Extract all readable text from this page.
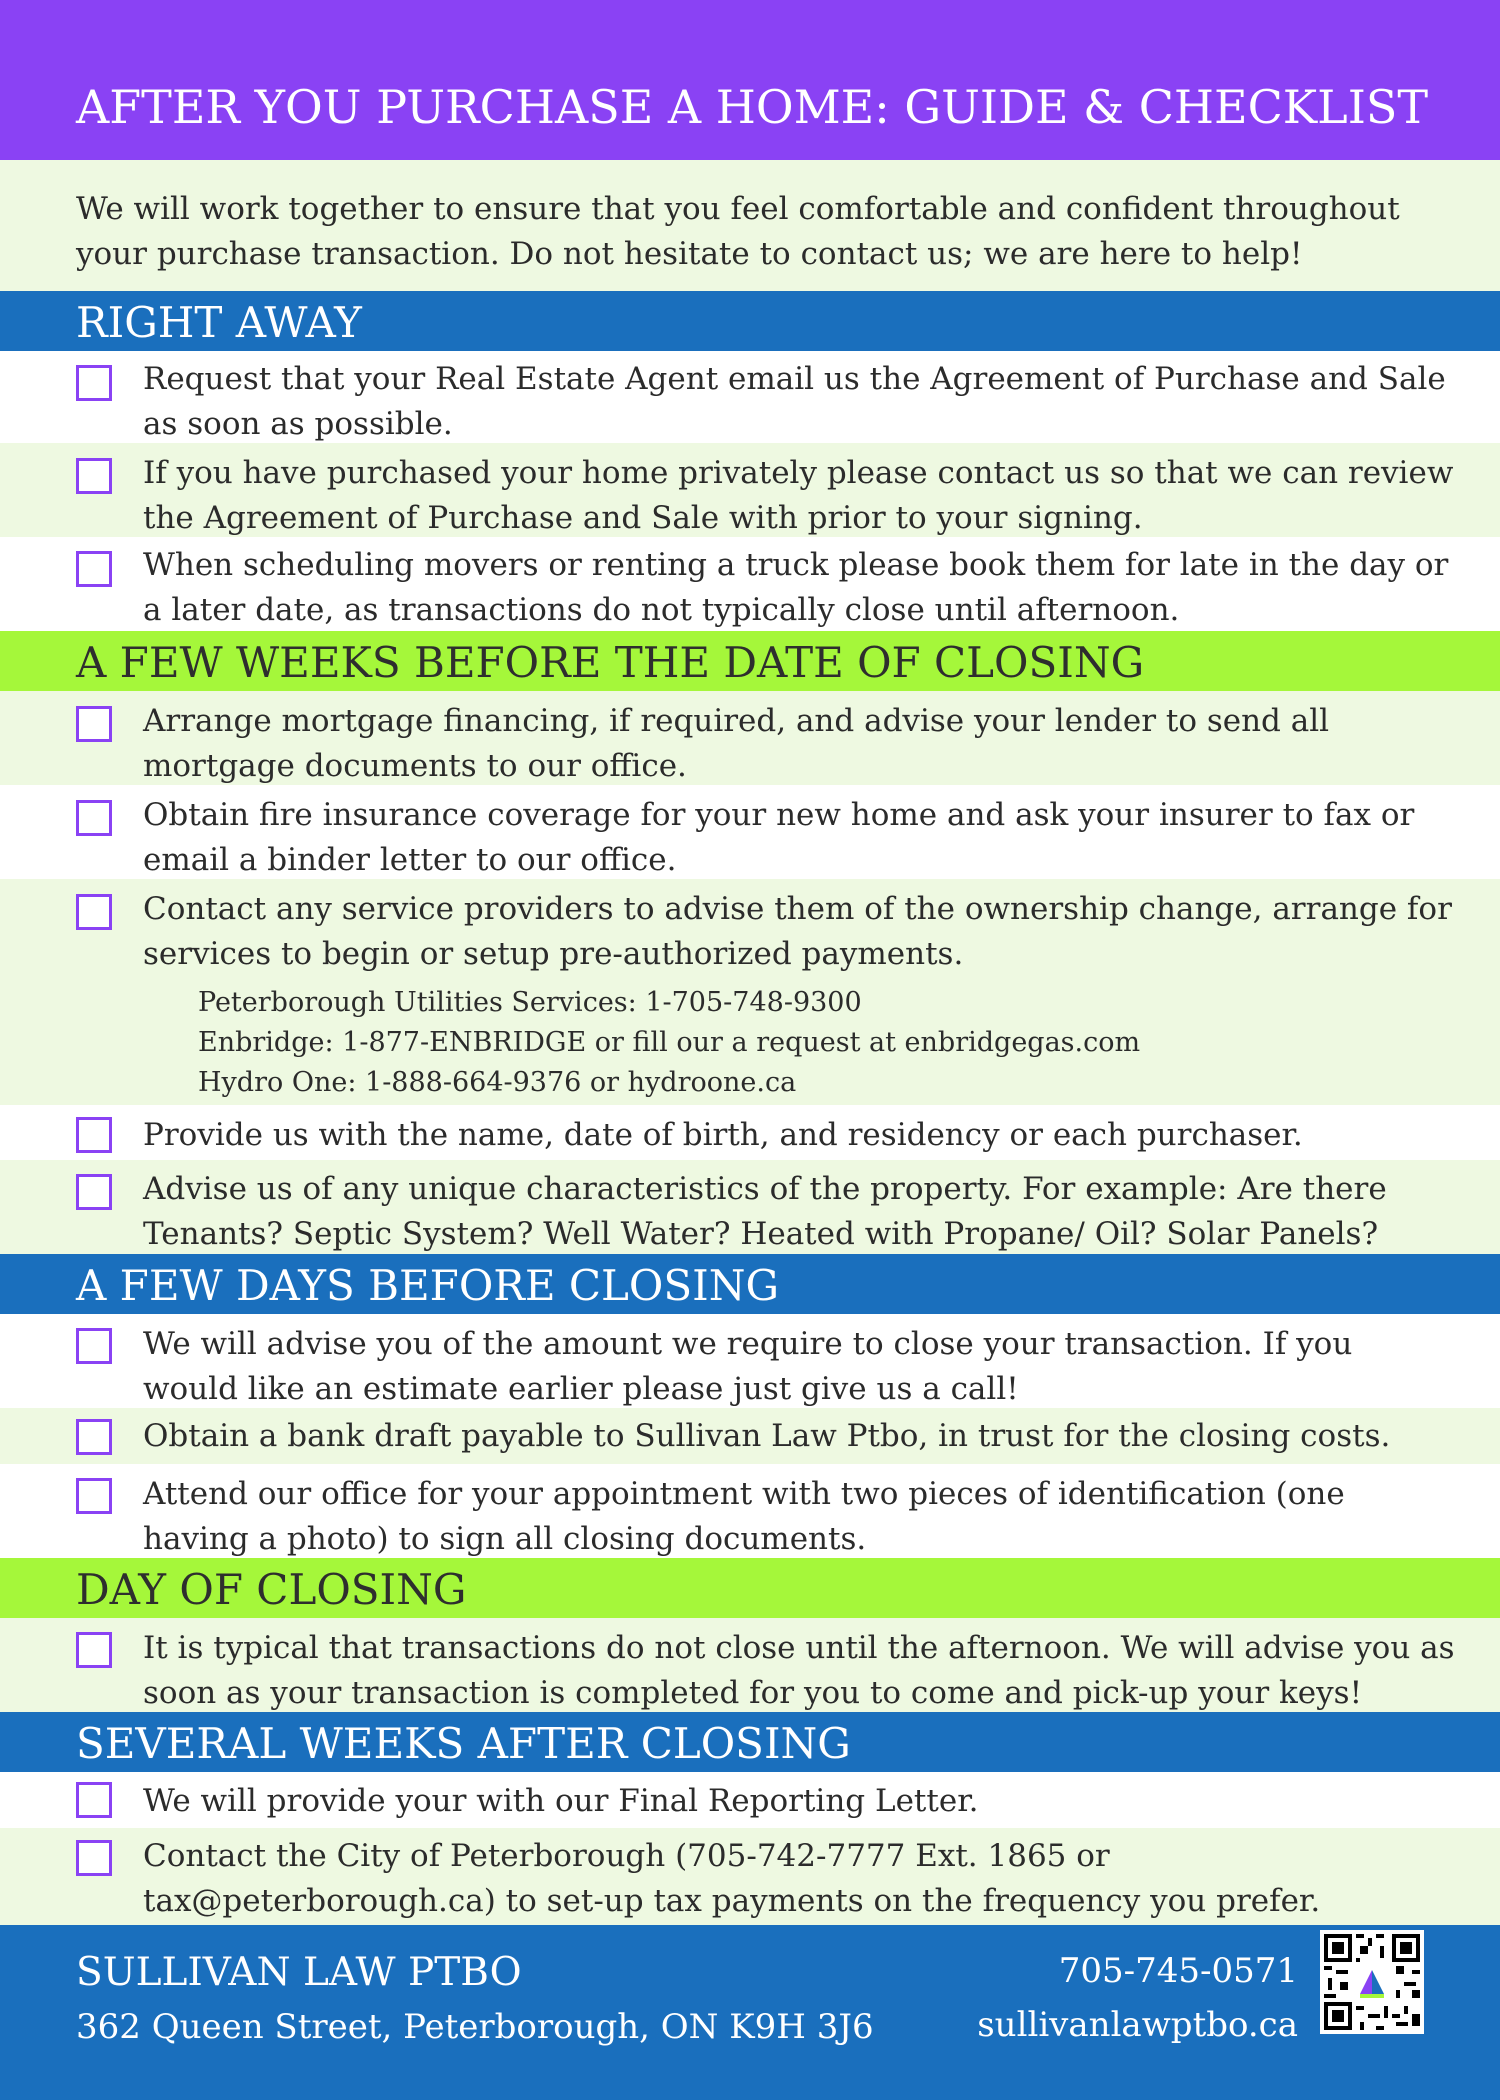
AFTER YOU PURCHASE A HOME: GUIDE & CHECKLIST
We will work together to ensure that you feel comfortable and confident throughout your purchase transaction. Do not hesitate to contact us; we are here to help!
RIGHT AWAY
Request that your Real Estate Agent email us the Agreement of Purchase and Sale as soon as possible.
If you have purchased your home privately please contact us so that we can review the Agreement of Purchase and Sale with prior to your signing.
When scheduling movers or renting a truck please book them for late in the day or a later date, as transactions do not typically close until afternoon.
A FEW WEEKS BEFORE THE DATE OF CLOSING
Arrange mortgage financing, if required, and advise your lender to send all mortgage documents to our office.
Obtain fire insurance coverage for your new home and ask your insurer to fax or email a binder letter to our office.
Contact any service providers to advise them of the ownership change, arrange for services to begin or setup pre-authorized payments.
Peterborough Utilities Services: 1-705-748-9300
Enbridge: 1-877-ENBRIDGE or fill our a request at enbridgegas.com
Hydro One: 1-888-664-9376 or hydroone.ca
Provide us with the name, date of birth, and residency or each purchaser.
Advise us of any unique characteristics of the property. For example: Are there Tenants? Septic System? Well Water? Heated with Propane/ Oil? Solar Panels?
A FEW DAYS BEFORE CLOSING
We will advise you of the amount we require to close your transaction. If you would like an estimate earlier please just give us a call!
Obtain a bank draft payable to Sullivan Law Ptbo, in trust for the closing costs.
Attend our office for your appointment with two pieces of identification (one having a photo) to sign all closing documents.
DAY OF CLOSING
It is typical that transactions do not close until the afternoon. We will advise you as soon as your transaction is completed for you to come and pick-up your keys!
SEVERAL WEEKS AFTER CLOSING
We will provide your with our Final Reporting Letter.
Contact the City of Peterborough (705-742-7777 Ext. 1865 or tax@peterborough.ca) to set-up tax payments on the frequency you prefer.
SULLIVAN LAW PTBO
362 Queen Street, Peterborough, ON K9H 3J6
705-745-0571
sullivanlawptbo.ca
